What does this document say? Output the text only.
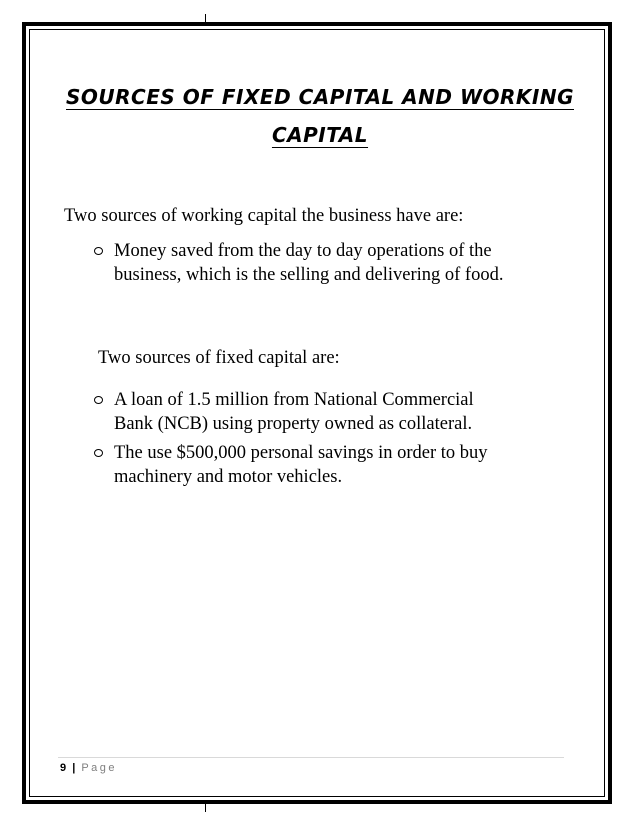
SOURCES OF FIXED CAPITAL AND WORKING
CAPITAL
Two sources of working capital the business have are:
Money saved from the day to day operations of the
business, which is the selling and delivering of food.
Two sources of fixed capital are:
A loan of 1.5 million from National Commercial
Bank (NCB) using property owned as collateral.
The use $500,000 personal savings in order to buy
machinery and motor vehicles.
9 | Page
